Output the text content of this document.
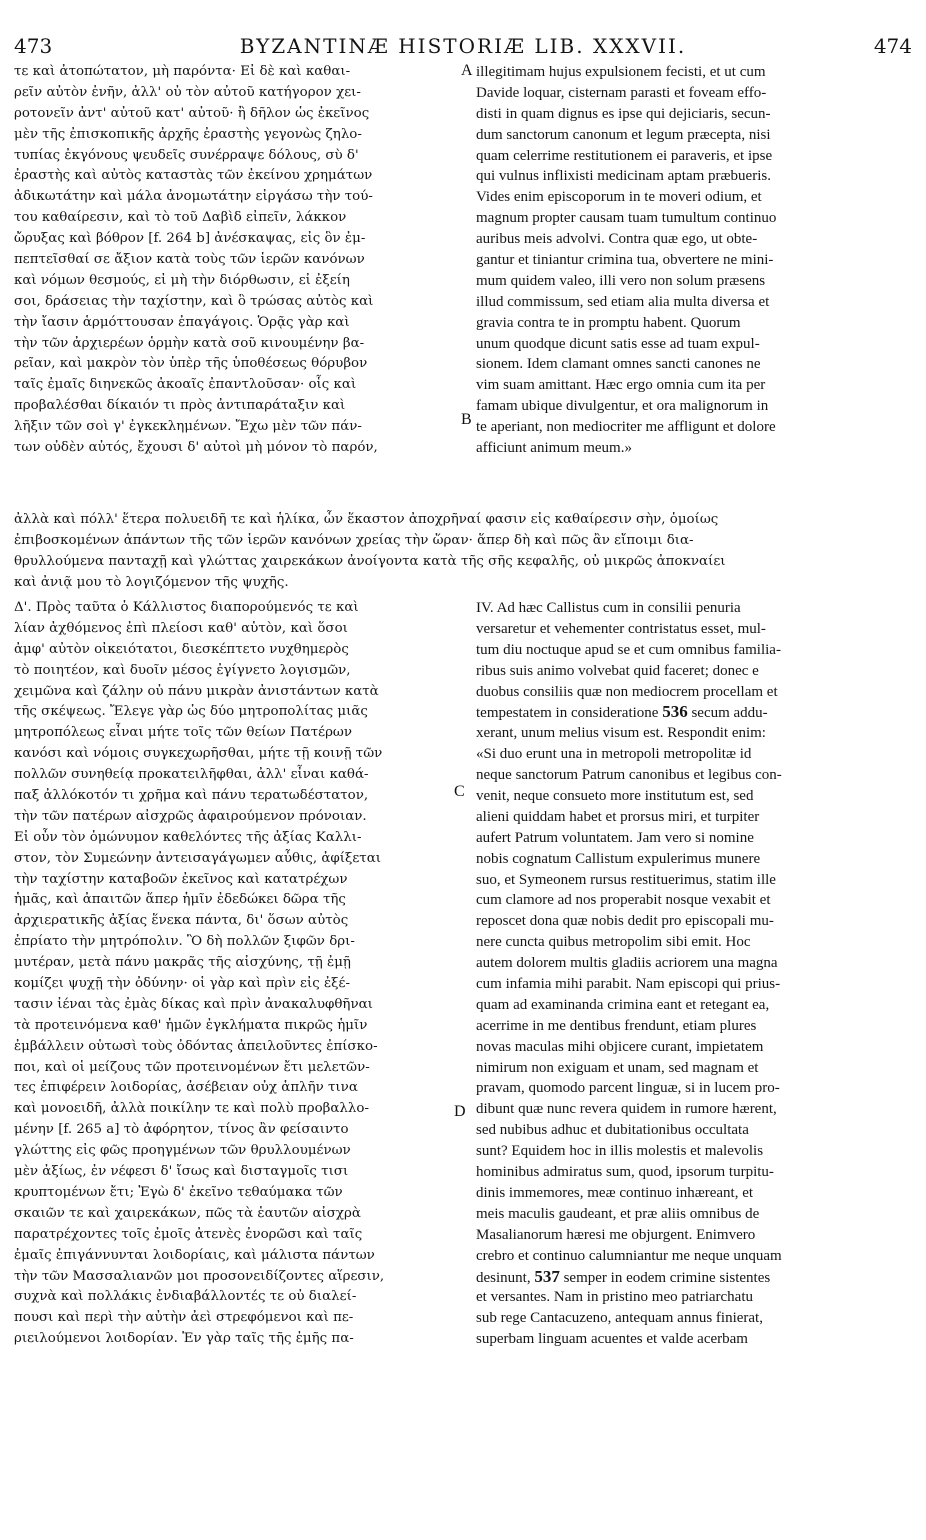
473	BYZANTINÆ HISTORIÆ LIB. XXXVII.	474
A
B
C
D
τε καὶ ἀτοπώτατον, μὴ παρόντα· Εἰ δὲ καὶ καθαι-
ρεῖν αὐτὸν ἐνῆν, ἀλλ' οὐ τὸν αὐτοῦ κατήγορον χει-
ροτονεῖν ἀντ' αὐτοῦ κατ' αὐτοῦ· ἢ δῆλον ὡς ἐκεῖνος
μὲν τῆς ἐπισκοπικῆς ἀρχῆς ἐραστὴς γεγονὼς ζηλο-
τυπίας ἐκγόνους ψευδεῖς συνέρραψε δόλους, σὺ δ'
ἐραστὴς καὶ αὐτὸς καταστὰς τῶν ἐκείνου χρημάτων
ἀδικωτάτην καὶ μάλα ἀνομωτάτην εἰργάσω τὴν τού-
του καθαίρεσιν, καὶ τὸ τοῦ Δαβὶδ εἰπεῖν, λάκκον
ὤρυξας καὶ βόθρον [f. 264 b] ἀνέσκαψας, εἰς ὃν ἐμ-
πεπτεῖσθαί σε ἄξιον κατὰ τοὺς τῶν ἱερῶν κανόνων
καὶ νόμων θεσμούς, εἰ μὴ τὴν διόρθωσιν, εἰ ἐξείη
σοι, δράσειας τὴν ταχίστην, καὶ ὃ τρώσας αὐτὸς καὶ
τὴν ἴασιν ἁρμόττουσαν ἐπαγάγοις. Ὁρᾷς γὰρ καὶ
τὴν τῶν ἀρχιερέων ὁρμὴν κατὰ σοῦ κινουμένην βα-
ρεῖαν, καὶ μακρὸν τὸν ὑπὲρ τῆς ὑποθέσεως θόρυβον
ταῖς ἐμαῖς διηνεκῶς ἀκοαῖς ἐπαντλοῦσαν· οἷς καὶ
προβαλέσθαι δίκαιόν τι πρὸς ἀντιπαράταξιν καὶ
λῆξιν τῶν σοὶ γ' ἐγκεκλημένων. Ἔχω μὲν τῶν πάν-
των οὐδὲν αὐτός, ἔχουσι δ' αὐτοὶ μὴ μόνον τὸ παρόν,
illegitimam hujus expulsionem fecisti, et ut cum
Davide loquar, cisternam parasti et foveam effo-
disti in quam dignus es ipse qui dejiciaris, secun-
dum sanctorum canonum et legum præcepta, nisi
quam celerrime restitutionem ei paraveris, et ipse
qui vulnus inflixisti medicinam aptam præbueris.
Vides enim episcoporum in te moveri odium, et
magnum propter causam tuam tumultum continuo
auribus meis advolvi. Contra quæ ego, ut obte-
gantur et tiniantur crimina tua, obvertere ne mini-
mum quidem valeo, illi vero non solum præsens
illud commissum, sed etiam alia multa diversa et
gravia contra te in promptu habent. Quorum
unum quodque dicunt satis esse ad tuam expul-
sionem. Idem clamant omnes sancti canones ne
vim suam amittant. Hæc ergo omnia cum ita per
famam ubique divulgentur, et ora malignorum in
te aperiant, non mediocriter me affligunt et dolore
afficiunt animum meum.»
ἀλλὰ καὶ πόλλ' ἕτερα πολυειδῆ τε καὶ ἡλίκα, ὧν ἕκαστον ἀποχρῆναί φασιν εἰς καθαίρεσιν σὴν, ὁμοίως
ἐπιβοσκομένων ἁπάντων τῆς τῶν ἱερῶν κανόνων χρείας τὴν ὥραν· ἅπερ δὴ καὶ πῶς ἂν εἴποιμι δια-
θρυλλούμενα πανταχῇ καὶ γλώττας χαιρεκάκων ἀνοίγοντα κατὰ τῆς σῆς κεφαλῆς, οὐ μικρῶς ἀποκναίει
καὶ ἀνιᾷ μου τὸ λογιζόμενον τῆς ψυχῆς.
Δ'. Πρὸς ταῦτα ὁ Κάλλιστος διαπορούμενός τε καὶ
λίαν ἀχθόμενος ἐπὶ πλείοσι καθ' αὑτὸν, καὶ ὅσοι
ἀμφ' αὐτὸν οἰκειότατοι, διεσκέπτετο νυχθημερὸς
τὸ ποιητέον, καὶ δυοῖν μέσος ἐγίγνετο λογισμῶν,
χειμῶνα καὶ ζάλην οὐ πάνυ μικρὰν ἀνιστάντων κατὰ
τῆς σκέψεως. Ἔλεγε γὰρ ὡς δύο μητροπολίτας μιᾶς
μητροπόλεως εἶναι μήτε τοῖς τῶν θείων Πατέρων
κανόσι καὶ νόμοις συγκεχωρῆσθαι, μήτε τῇ κοινῇ τῶν
πολλῶν συνηθείᾳ προκατειλῆφθαι, ἀλλ' εἶναι καθά-
παξ ἀλλόκοτόν τι χρῆμα καὶ πάνυ τερατωδέστατον,
τὴν τῶν πατέρων αἰσχρῶς ἀφαιρούμενον πρόνοιαν.
Εἰ οὖν τὸν ὁμώνυμον καθελόντες τῆς ἀξίας Καλλι-
στον, τὸν Συμεώνην ἀντεισαγάγωμεν αὖθις, ἀφίξεται
τὴν ταχίστην καταβοῶν ἐκεῖνος καὶ κατατρέχων
ἡμᾶς, καὶ ἀπαιτῶν ἅπερ ἡμῖν ἐδεδώκει δῶρα τῆς
ἀρχιερατικῆς ἀξίας ἕνεκα πάντα, δι' ὅσων αὐτὸς
ἐπρίατο τὴν μητρόπολιν. Ὃ δὴ πολλῶν ξιφῶν δρι-
μυτέραν, μετὰ πάνυ μακρᾶς τῆς αἰσχύνης, τῇ ἐμῇ
κομίζει ψυχῇ τὴν ὀδύνην· οἱ γὰρ καὶ πρὶν εἰς ἐξέ-
τασιν ἰέναι τὰς ἐμὰς δίκας καὶ πρὶν ἀνακαλυφθῆναι
τὰ προτεινόμενα καθ' ἡμῶν ἐγκλήματα πικρῶς ἡμῖν
ἐμβάλλειν οὑτωσὶ τοὺς ὀδόντας ἀπειλοῦντες ἐπίσκο-
ποι, καὶ οἱ μείζους τῶν προτεινομένων ἔτι μελετῶν-
τες ἐπιφέρειν λοιδορίας, ἀσέβειαν οὐχ ἁπλῆν τινα
καὶ μονοειδῆ, ἀλλὰ ποικίλην τε καὶ πολὺ προβαλλο-
μένην [f. 265 a] τὸ ἀφόρητον, τίνος ἂν φείσαιντο
γλώττης εἰς φῶς προηγμένων τῶν θρυλλουμένων
μὲν ἀξίως, ἐν νέφεσι δ' ἴσως καὶ δισταγμοῖς τισι
κρυπτομένων ἔτι; Ἐγὼ δ' ἐκεῖνο τεθαύμακα τῶν
σκαιῶν τε καὶ χαιρεκάκων, πῶς τὰ ἑαυτῶν αἰσχρὰ
παρατρέχοντες τοῖς ἐμοῖς ἀτενὲς ἐνορῶσι καὶ ταῖς
ἐμαῖς ἐπιγάννυνται λοιδορίαις, καὶ μάλιστα πάντων
τὴν τῶν Μασσαλιανῶν μοι προσονειδίζοντες αἵρεσιν,
συχνὰ καὶ πολλάκις ἐνδιαβάλλοντές τε οὐ διαλεί-
πουσι καὶ περὶ τὴν αὐτὴν ἀεὶ στρεφόμενοι καὶ πε-
ριειλούμενοι λοιδορίαν. Ἐν γὰρ ταῖς τῆς ἐμῆς πα-
IV. Ad hæc Callistus cum in consilii penuria
versaretur et vehementer contristatus esset, mul-
tum diu noctuque apud se et cum omnibus familia-
ribus suis animo volvebat quid faceret; donec e
duobus consiliis quæ non mediocrem procellam et
tempestatem in consideratione 536 secum addu-
xerant, unum melius visum est. Respondit enim:
«Si duo erunt una in metropoli metropolitæ id
neque sanctorum Patrum canonibus et legibus con-
venit, neque consueto more institutum est, sed
alieni quiddam habet et prorsus miri, et turpiter
aufert Patrum voluntatem. Jam vero si nomine
nobis cognatum Callistum expulerimus munere
suo, et Symeonem rursus restituerimus, statim ille
cum clamore ad nos properabit nosque vexabit et
reposcet dona quæ nobis dedit pro episcopali mu-
nere cuncta quibus metropolim sibi emit. Hoc
autem dolorem multis gladiis acriorem una magna
cum infamia mihi parabit. Nam episcopi qui prius-
quam ad examinanda crimina eant et retegant ea,
acerrime in me dentibus frendunt, etiam plures
novas maculas mihi objicere curant, impietatem
nimirum non exiguam et unam, sed magnam et
pravam, quomodo parcent linguæ, si in lucem pro-
dibunt quæ nunc revera quidem in rumore hærent,
sed nubibus adhuc et dubitationibus occultata
sunt? Equidem hoc in illis molestis et malevolis
hominibus admiratus sum, quod, ipsorum turpitu-
dinis immemores, meæ continuo inhæreant, et
meis maculis gaudeant, et præ aliis omnibus de
Masalianorum hæresi me objurgent. Enimvero
crebro et continuo calumniantur me neque unquam
desinunt, 537 semper in eodem crimine sistentes
et versantes. Nam in pristino meo patriarchatu
sub rege Cantacuzeno, antequam annus finierat,
superbam linguam acuentes et valde acerbam
